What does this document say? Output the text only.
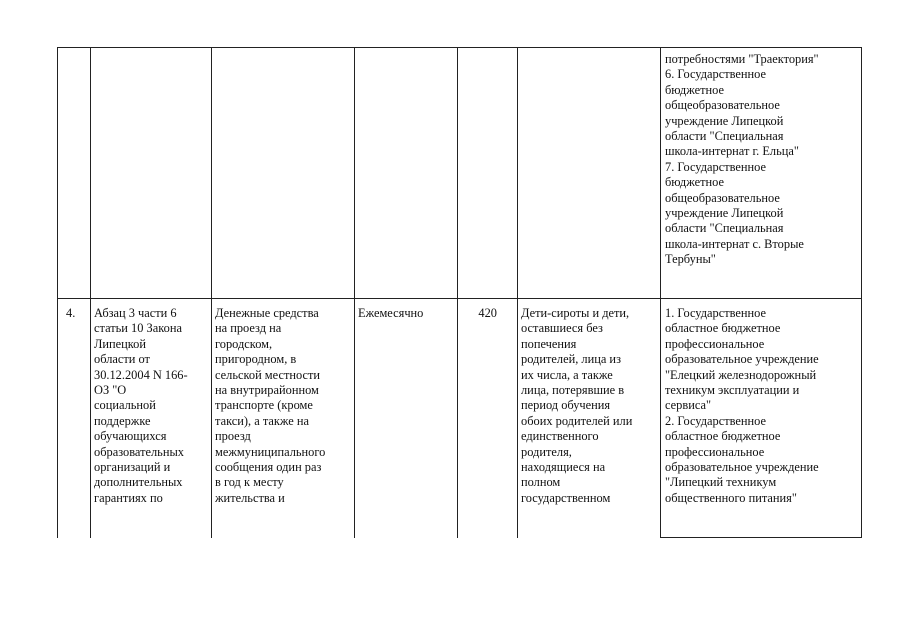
потребностями "Траектория"
6. Государственное
бюджетное
общеобразовательное
учреждение Липецкой
области "Специальная
школа-интернат г. Ельца"
7. Государственное
бюджетное
общеобразовательное
учреждение Липецкой
области "Специальная
школа-интернат с. Вторые
Тербуны"
4.	Абзац 3 части 6
статьи 10 Закона
Липецкой
области от
30.12.2004 N 166-
ОЗ "О
социальной
поддержке
обучающихся
образовательных
организаций и
дополнительных
гарантиях по
Денежные средства
на проезд на
городском,
пригородном, в
сельской местности
на внутрирайонном
транспорте (кроме
такси), а также на
проезд
межмуниципального
сообщения один раз
в год к месту
жительства и
Ежемесячно	420 Дети-сироты и дети,
оставшиеся без
попечения
родителей, лица из
их числа, а также
лица, потерявшие в
период обучения
обоих родителей или
единственного
родителя,
находящиеся на
полном
государственном
1. Государственное
областное бюджетное
профессиональное
образовательное учреждение
"Елецкий железнодорожный
техникум эксплуатации и
сервиса"
2. Государственное
областное бюджетное
профессиональное
образовательное учреждение
"Липецкий техникум
общественного питания"
